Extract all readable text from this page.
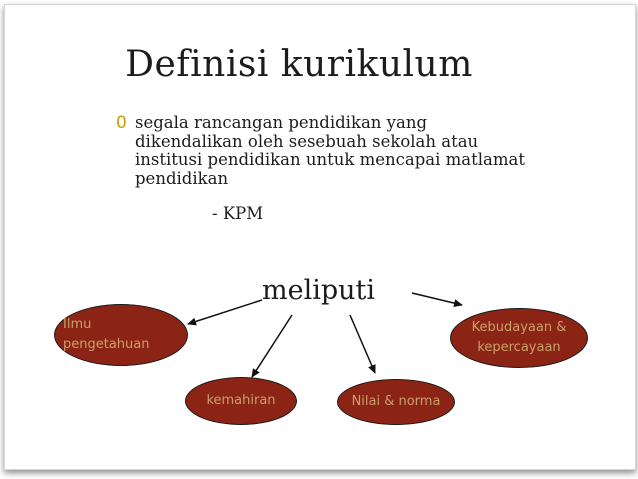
Definisi kurikulum
0 segala rancangan pendidikan yang dikendalikan oleh sesebuah sekolah atau institusi pendidikan untuk mencapai matlamat pendidikan
- KPM
meliputi
Ilmu
pengetahuan
Kebudayaan &
kepercayaan
kemahiran	Nilai & norma
